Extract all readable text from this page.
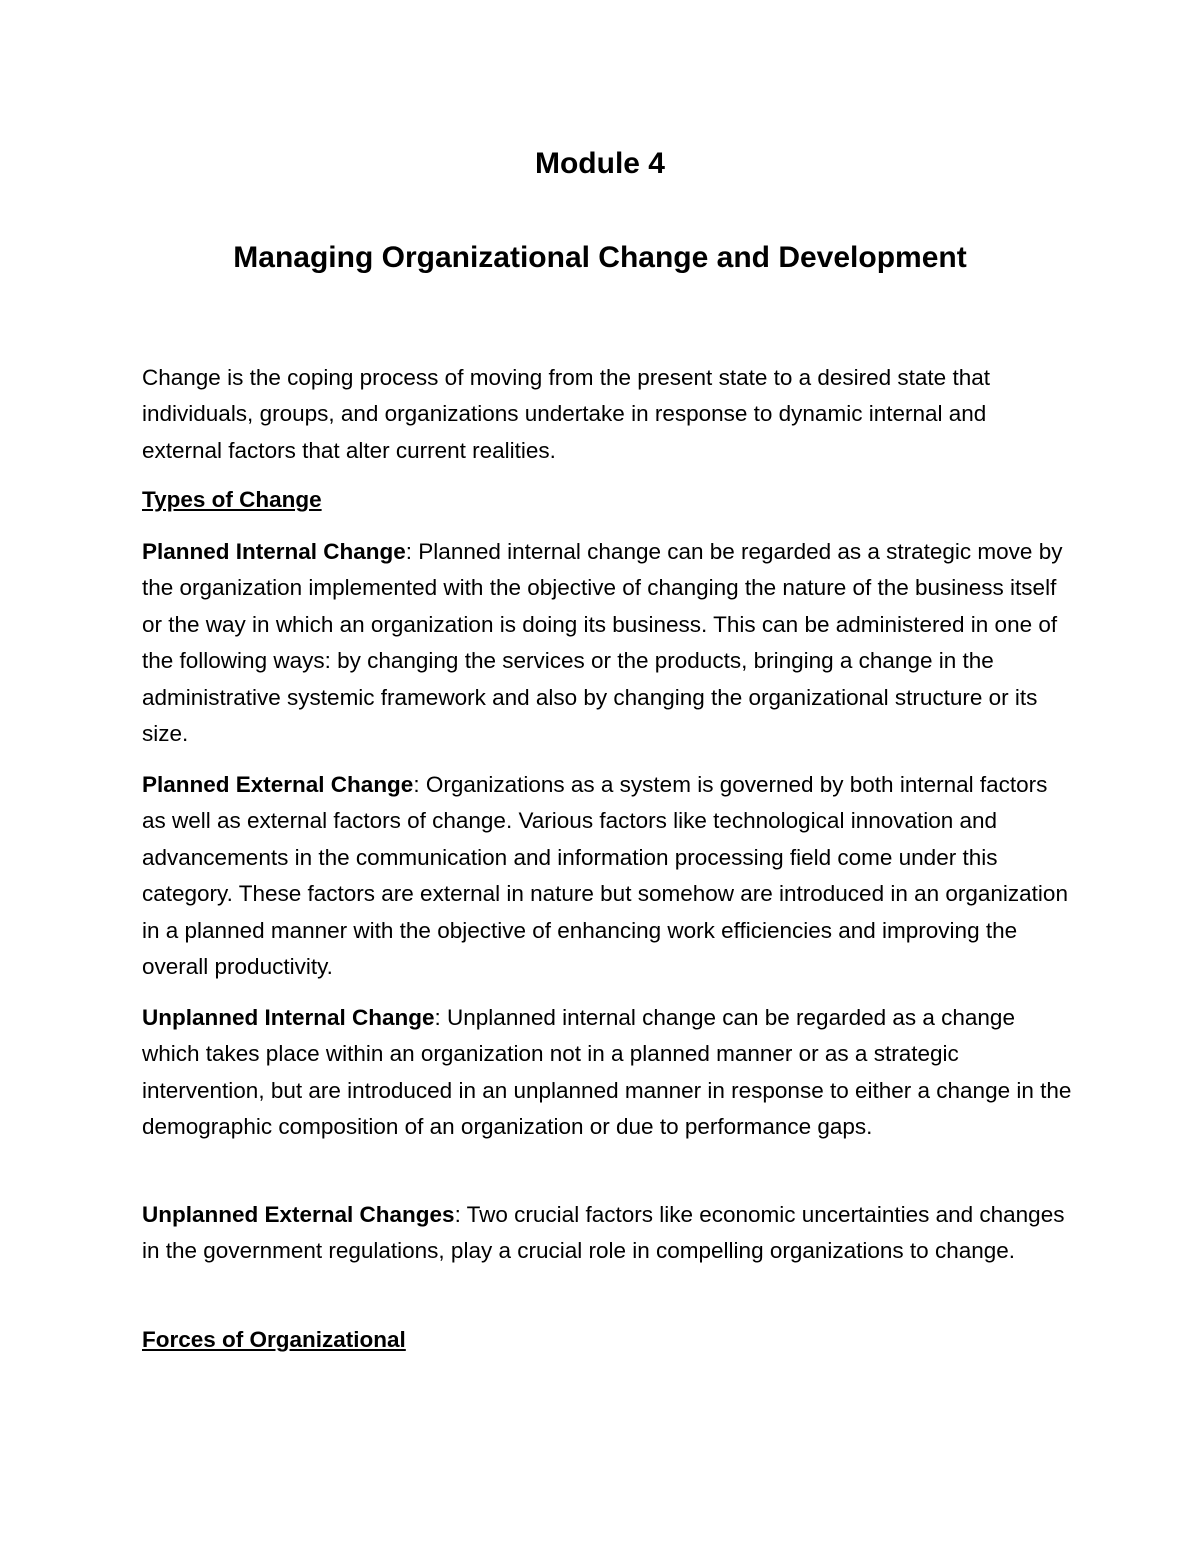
Module 4
Managing Organizational Change and Development

Change is the coping process of moving from the present state to a desired state that individuals, groups, and organizations undertake in response to dynamic internal and external factors that alter current realities.

Types of Change

Planned Internal Change: Planned internal change can be regarded as a strategic move by the organization implemented with the objective of changing the nature of the business itself or the way in which an organization is doing its business. This can be administered in one of the following ways: by changing the services or the products, bringing a change in the administrative systemic framework and also by changing the organizational structure or its size.

Planned External Change: Organizations as a system is governed by both internal factors as well as external factors of change. Various factors like technological innovation and advancements in the communication and information processing field come under this category. These factors are external in nature but somehow are introduced in an organization in a planned manner with the objective of enhancing work efficiencies and improving the overall productivity.

Unplanned Internal Change: Unplanned internal change can be regarded as a change which takes place within an organization not in a planned manner or as a strategic intervention, but are introduced in an unplanned manner in response to either a change in the demographic composition of an organization or due to performance gaps.

Unplanned External Changes: Two crucial factors like economic uncertainties and changes in the government regulations, play a crucial role in compelling organizations to change.

Forces of Organizational
